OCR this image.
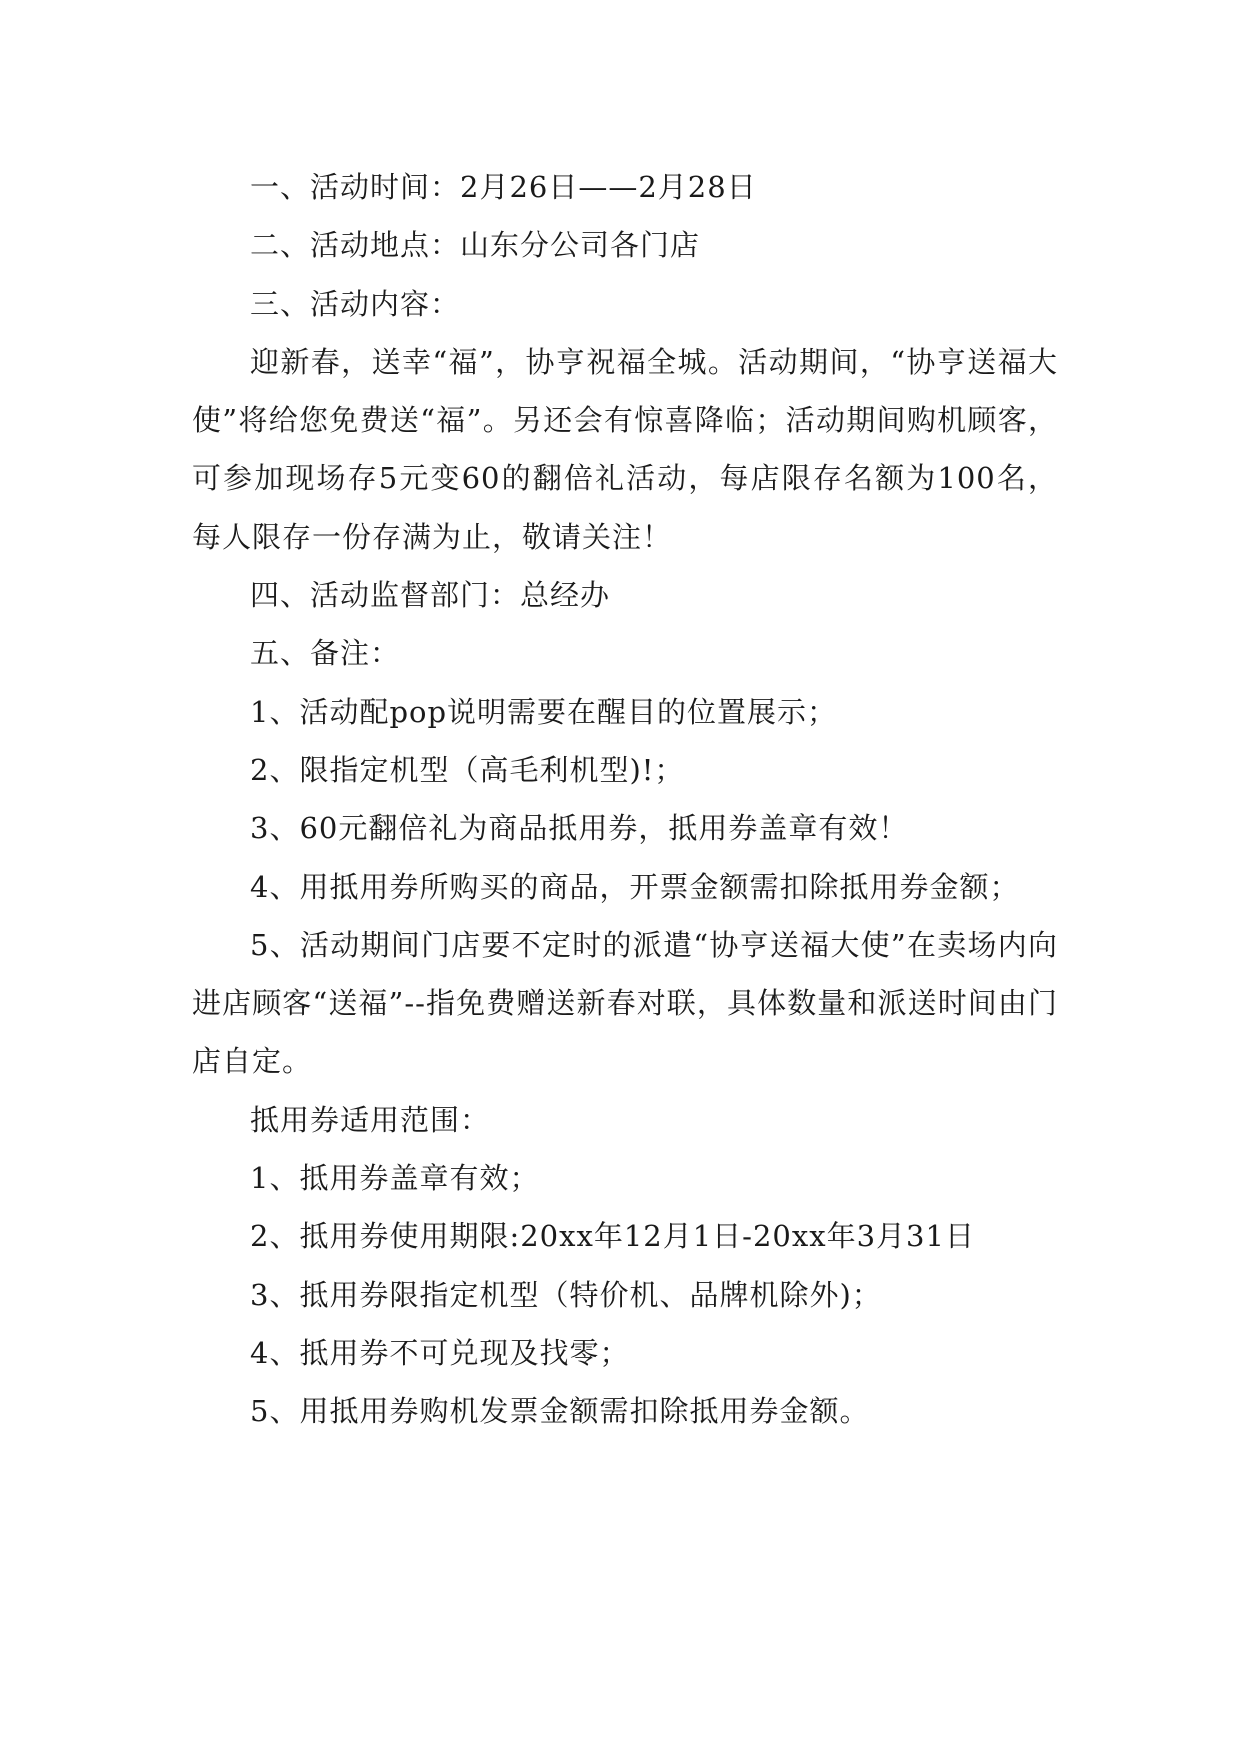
一、活动时间：2月26日——2月28日

二、活动地点：山东分公司各门店

三、活动内容：

迎新春，送幸“福”，协亨祝福全城。活动期间，“协亨送福大使”将给您免费送“福”。另还会有惊喜降临；活动期间购机顾客，可参加现场存5元变60的翻倍礼活动，每店限存名额为100名，每人限存一份存满为止，敬请关注！

四、活动监督部门：总经办

五、备注：

1、活动配pop说明需要在醒目的位置展示；

2、限指定机型（高毛利机型)!；

3、60元翻倍礼为商品抵用券，抵用券盖章有效！

4、用抵用券所购买的商品，开票金额需扣除抵用券金额；

5、活动期间门店要不定时的派遣“协亨送福大使”在卖场内向进店顾客“送福”--指免费赠送新春对联，具体数量和派送时间由门店自定。

抵用券适用范围：

1、抵用券盖章有效；

2、抵用券使用期限:20xx年12月1日-20xx年3月31日

3、抵用券限指定机型（特价机、品牌机除外)；

4、抵用券不可兑现及找零；

5、用抵用券购机发票金额需扣除抵用券金额。
